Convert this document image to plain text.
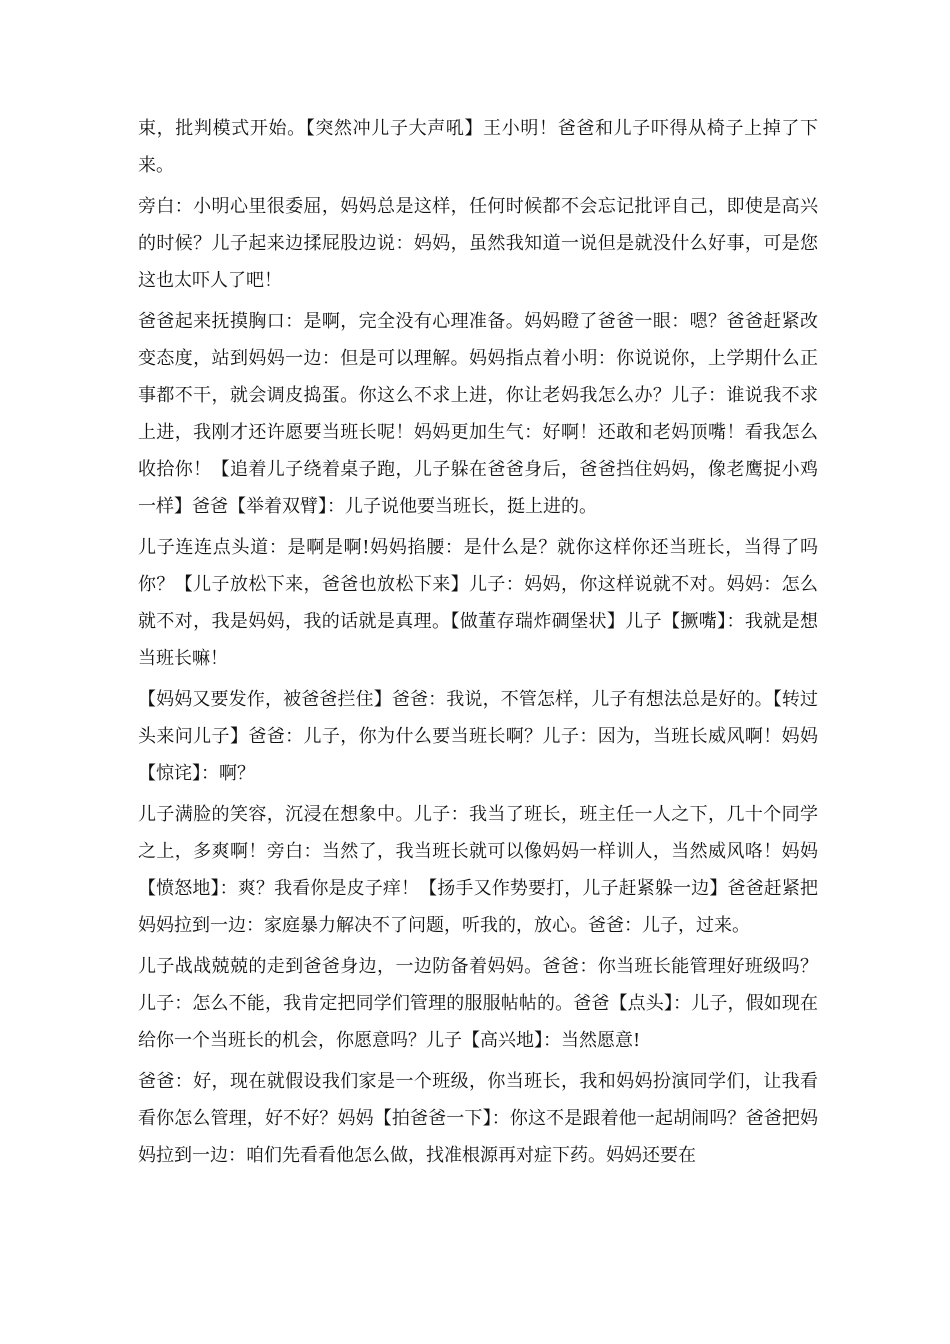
束，批判模式开始。【突然冲儿子大声吼】王小明！爸爸和儿子吓得从椅子上掉了下来。

旁白：小明心里很委屈，妈妈总是这样，任何时候都不会忘记批评自己，即使是高兴的时候？儿子起来边揉屁股边说：妈妈，虽然我知道一说但是就没什么好事，可是您这也太吓人了吧！

爸爸起来抚摸胸口：是啊，完全没有心理准备。妈妈瞪了爸爸一眼：嗯？爸爸赶紧改变态度，站到妈妈一边：但是可以理解。妈妈指点着小明：你说说你，上学期什么正事都不干，就会调皮捣蛋。你这么不求上进，你让老妈我怎么办？儿子：谁说我不求上进，我刚才还许愿要当班长呢！妈妈更加生气：好啊！还敢和老妈顶嘴！看我怎么收拾你！【追着儿子绕着桌子跑，儿子躲在爸爸身后，爸爸挡住妈妈，像老鹰捉小鸡一样】爸爸【举着双臂】：儿子说他要当班长，挺上进的。

儿子连连点头道：是啊是啊!妈妈掐腰：是什么是？就你这样你还当班长，当得了吗你？【儿子放松下来，爸爸也放松下来】儿子：妈妈，你这样说就不对。妈妈：怎么就不对，我是妈妈，我的话就是真理。【做董存瑞炸碉堡状】儿子【撅嘴】：我就是想当班长嘛！

【妈妈又要发作，被爸爸拦住】爸爸：我说，不管怎样，儿子有想法总是好的。【转过头来问儿子】爸爸：儿子，你为什么要当班长啊？儿子：因为，当班长威风啊！妈妈【惊诧】：啊？

儿子满脸的笑容，沉浸在想象中。儿子：我当了班长，班主任一人之下，几十个同学之上，多爽啊！旁白：当然了，我当班长就可以像妈妈一样训人，当然威风咯！妈妈【愤怒地】：爽？我看你是皮子痒！【扬手又作势要打，儿子赶紧躲一边】爸爸赶紧把妈妈拉到一边：家庭暴力解决不了问题，听我的，放心。爸爸：儿子，过来。

儿子战战兢兢的走到爸爸身边，一边防备着妈妈。爸爸：你当班长能管理好班级吗？儿子：怎么不能，我肯定把同学们管理的服服帖帖的。爸爸【点头】：儿子，假如现在给你一个当班长的机会，你愿意吗？儿子【高兴地】：当然愿意!

爸爸：好，现在就假设我们家是一个班级，你当班长，我和妈妈扮演同学们，让我看看你怎么管理，好不好？妈妈【拍爸爸一下】：你这不是跟着他一起胡闹吗？爸爸把妈妈拉到一边：咱们先看看他怎么做，找准根源再对症下药。妈妈还要在
